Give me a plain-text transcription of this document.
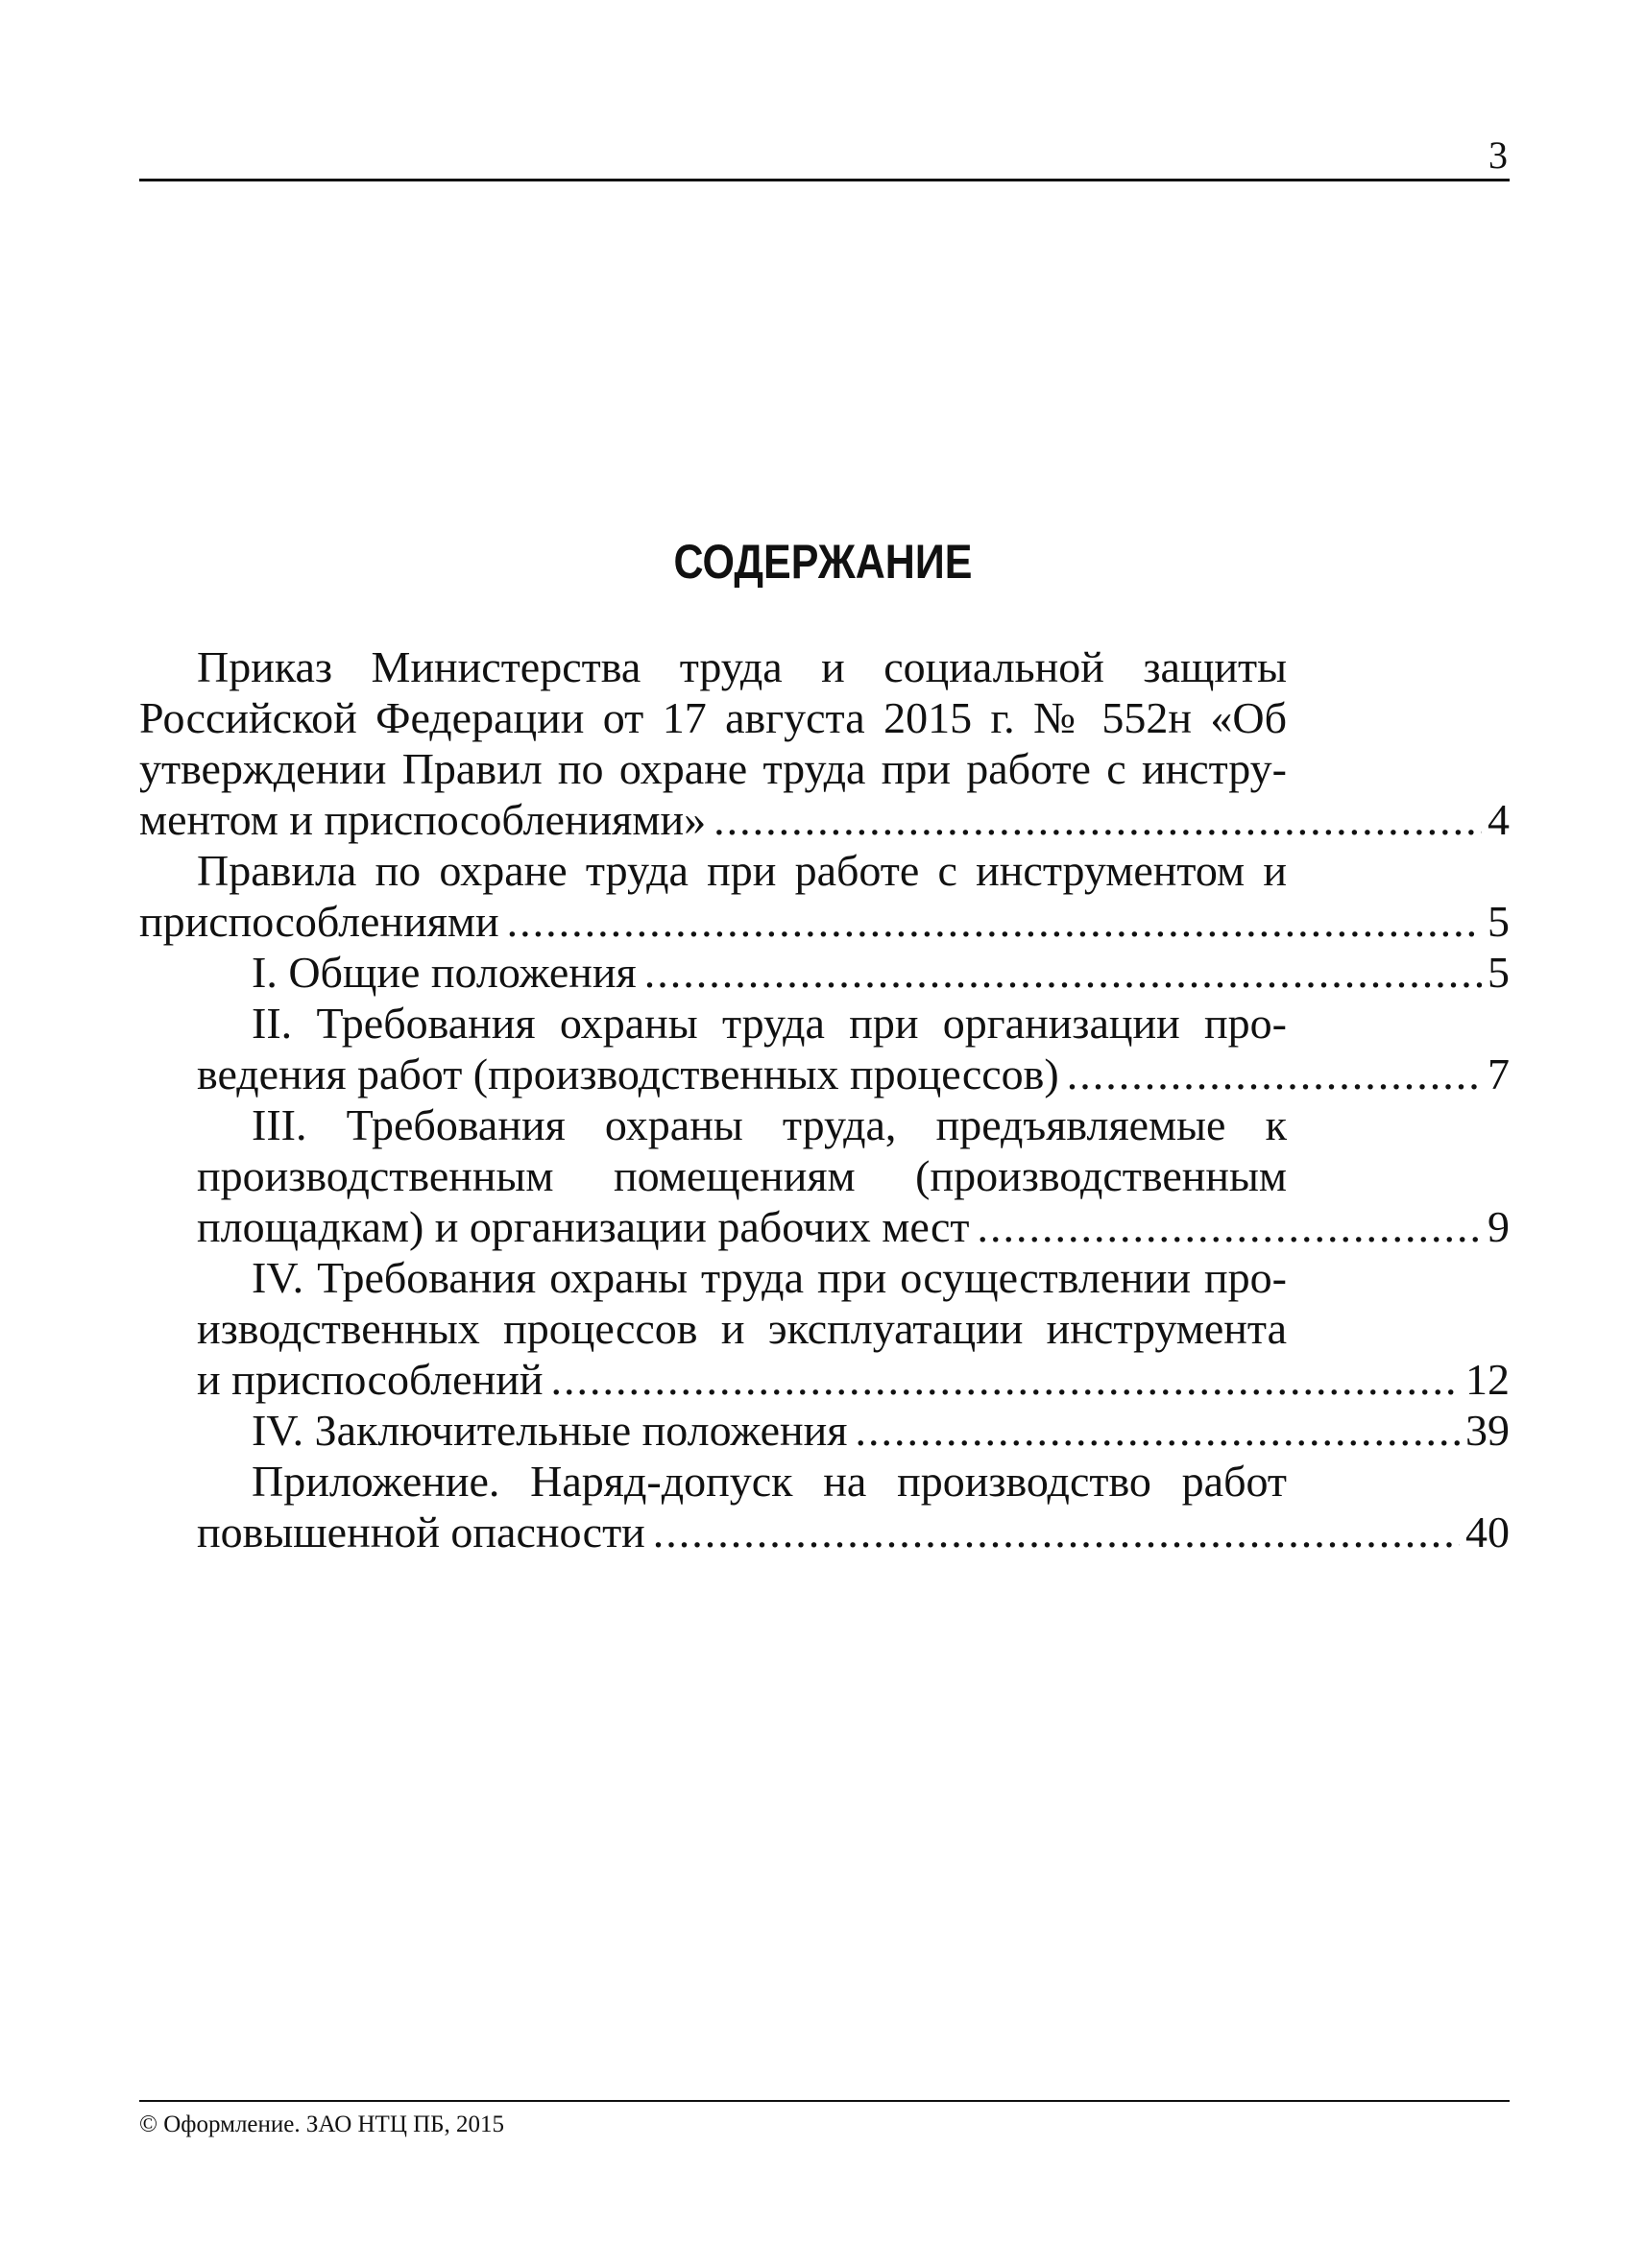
3
СОДЕРЖАНИЕ
Приказ Министерства труда и социальной защиты
Российской Федерации от 17 августа 2015 г. № 552н «Об
утверждении Правил по охране труда при работе с инстру-
ментом и приспособлениями» .....	4
Правила по охране труда при работе с инструментом и
приспособлениями .....	5
I. Общие положения .....	5
II. Требования охраны труда при организации про-
ведения работ (производственных процессов) .....	7
III. Требования охраны труда, предъявляемые к
производственным помещениям (производственным
площадкам) и организации рабочих мест .....	9
IV. Требования охраны труда при осуществлении про-
изводственных процессов и эксплуатации инструмента
и приспособлений .....	12
IV. Заключительные положения .....	39
Приложение. Наряд-допуск на производство работ
повышенной опасности .....	40
© Оформление. ЗАО НТЦ ПБ, 2015
